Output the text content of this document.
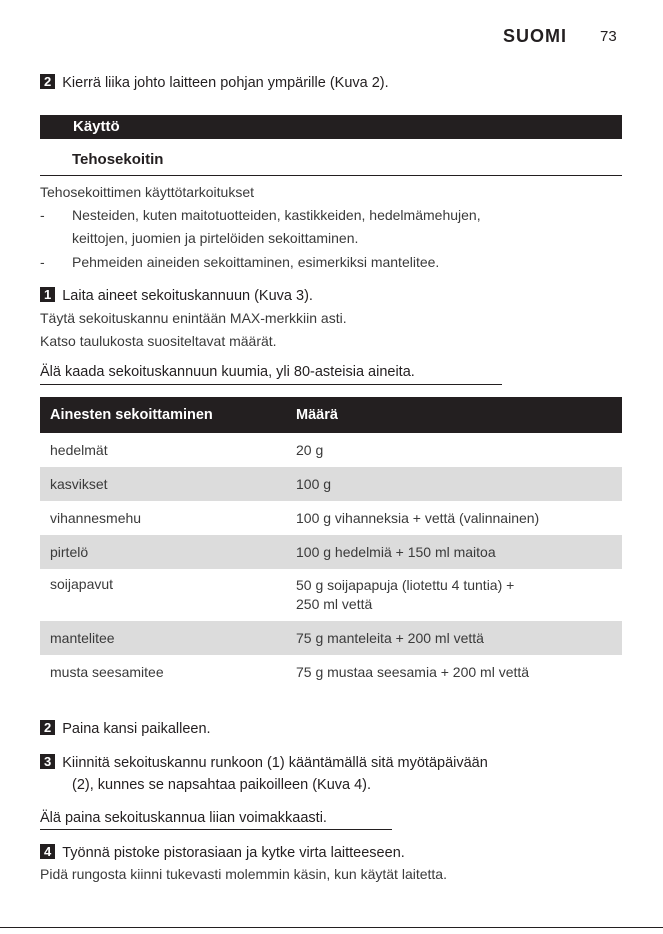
SUOMI 73
2 Kierrä liika johto laitteen pohjan ympärille (Kuva 2).
Käyttö
Tehosekoitin
Tehosekoittimen käyttötarkoitukset
- Nesteiden, kuten maitotuotteiden, kastikkeiden, hedelmämehujen,
keittojen, juomien ja pirtelöiden sekoittaminen.
- Pehmeiden aineiden sekoittaminen, esimerkiksi mantelitee.
1 Laita aineet sekoituskannuun (Kuva 3).
Täytä sekoituskannu enintään MAX-merkkiin asti.
Katso taulukosta suositeltavat määrät.
Älä kaada sekoituskannuun kuumia, yli 80-asteisia aineita.
Ainesten sekoittaminen	Määrä
hedelmät	20 g
kasvikset	100 g
vihannesmehu	100 g vihanneksia + vettä (valinnainen)
pirtelö	100 g hedelmiä + 150 ml maitoa
soijapavut	50 g soijapapuja (liotettu 4 tuntia) +
250 ml vettä

mantelitee	75 g manteleita + 200 ml vettä
musta seesamitee	75 g mustaa seesamia + 200 ml vettä
2 Paina kansi paikalleen.
3 Kiinnitä sekoituskannu runkoon (1) kääntämällä sitä myötäpäivään
(2), kunnes se napsahtaa paikoilleen (Kuva 4).
Älä paina sekoituskannua liian voimakkaasti.
4 Työnnä pistoke pistorasiaan ja kytke virta laitteeseen.
Pidä rungosta kiinni tukevasti molemmin käsin, kun käytät laitetta.
